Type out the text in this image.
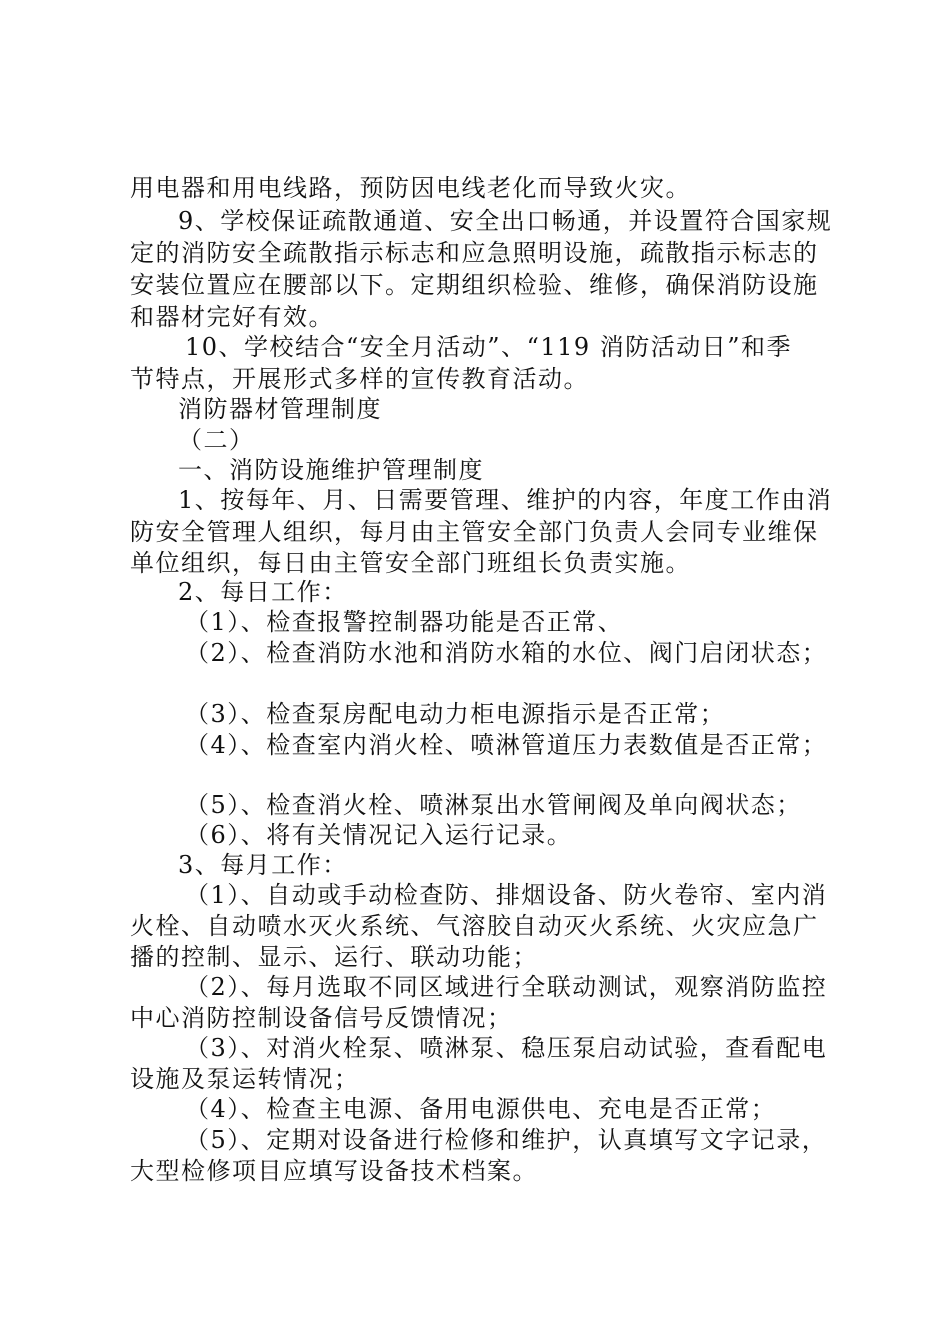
用电器和用电线路，预防因电线老化而导致火灾。
9、学校保证疏散通道、安全出口畅通，并设置符合国家规
定的消防安全疏散指示标志和应急照明设施，疏散指示标志的
安装位置应在腰部以下。定期组织检验、维修，确保消防设施
和器材完好有效。
10、学校结合“安全月活动”、“119 消防活动日”和季
节特点，开展形式多样的宣传教育活动。
消防器材管理制度
（二）
一、消防设施维护管理制度
1、按每年、月、日需要管理、维护的内容，年度工作由消
防安全管理人组织，每月由主管安全部门负责人会同专业维保
单位组织，每日由主管安全部门班组长负责实施。
2、每日工作：
（1）、检查报警控制器功能是否正常、
（2）、检查消防水池和消防水箱的水位、阀门启闭状态；
（3）、检查泵房配电动力柜电源指示是否正常；
（4）、检查室内消火栓、喷淋管道压力表数值是否正常；
（5）、检查消火栓、喷淋泵出水管闸阀及单向阀状态；
（6）、将有关情况记入运行记录。
3、每月工作：
（1）、自动或手动检查防、排烟设备、防火卷帘、室内消
火栓、自动喷水灭火系统、气溶胶自动灭火系统、火灾应急广
播的控制、显示、运行、联动功能；
（2）、每月选取不同区域进行全联动测试，观察消防监控
中心消防控制设备信号反馈情况；
（3）、对消火栓泵、喷淋泵、稳压泵启动试验，查看配电
设施及泵运转情况；
（4）、检查主电源、备用电源供电、充电是否正常；
（5）、定期对设备进行检修和维护，认真填写文字记录，
大型检修项目应填写设备技术档案。
